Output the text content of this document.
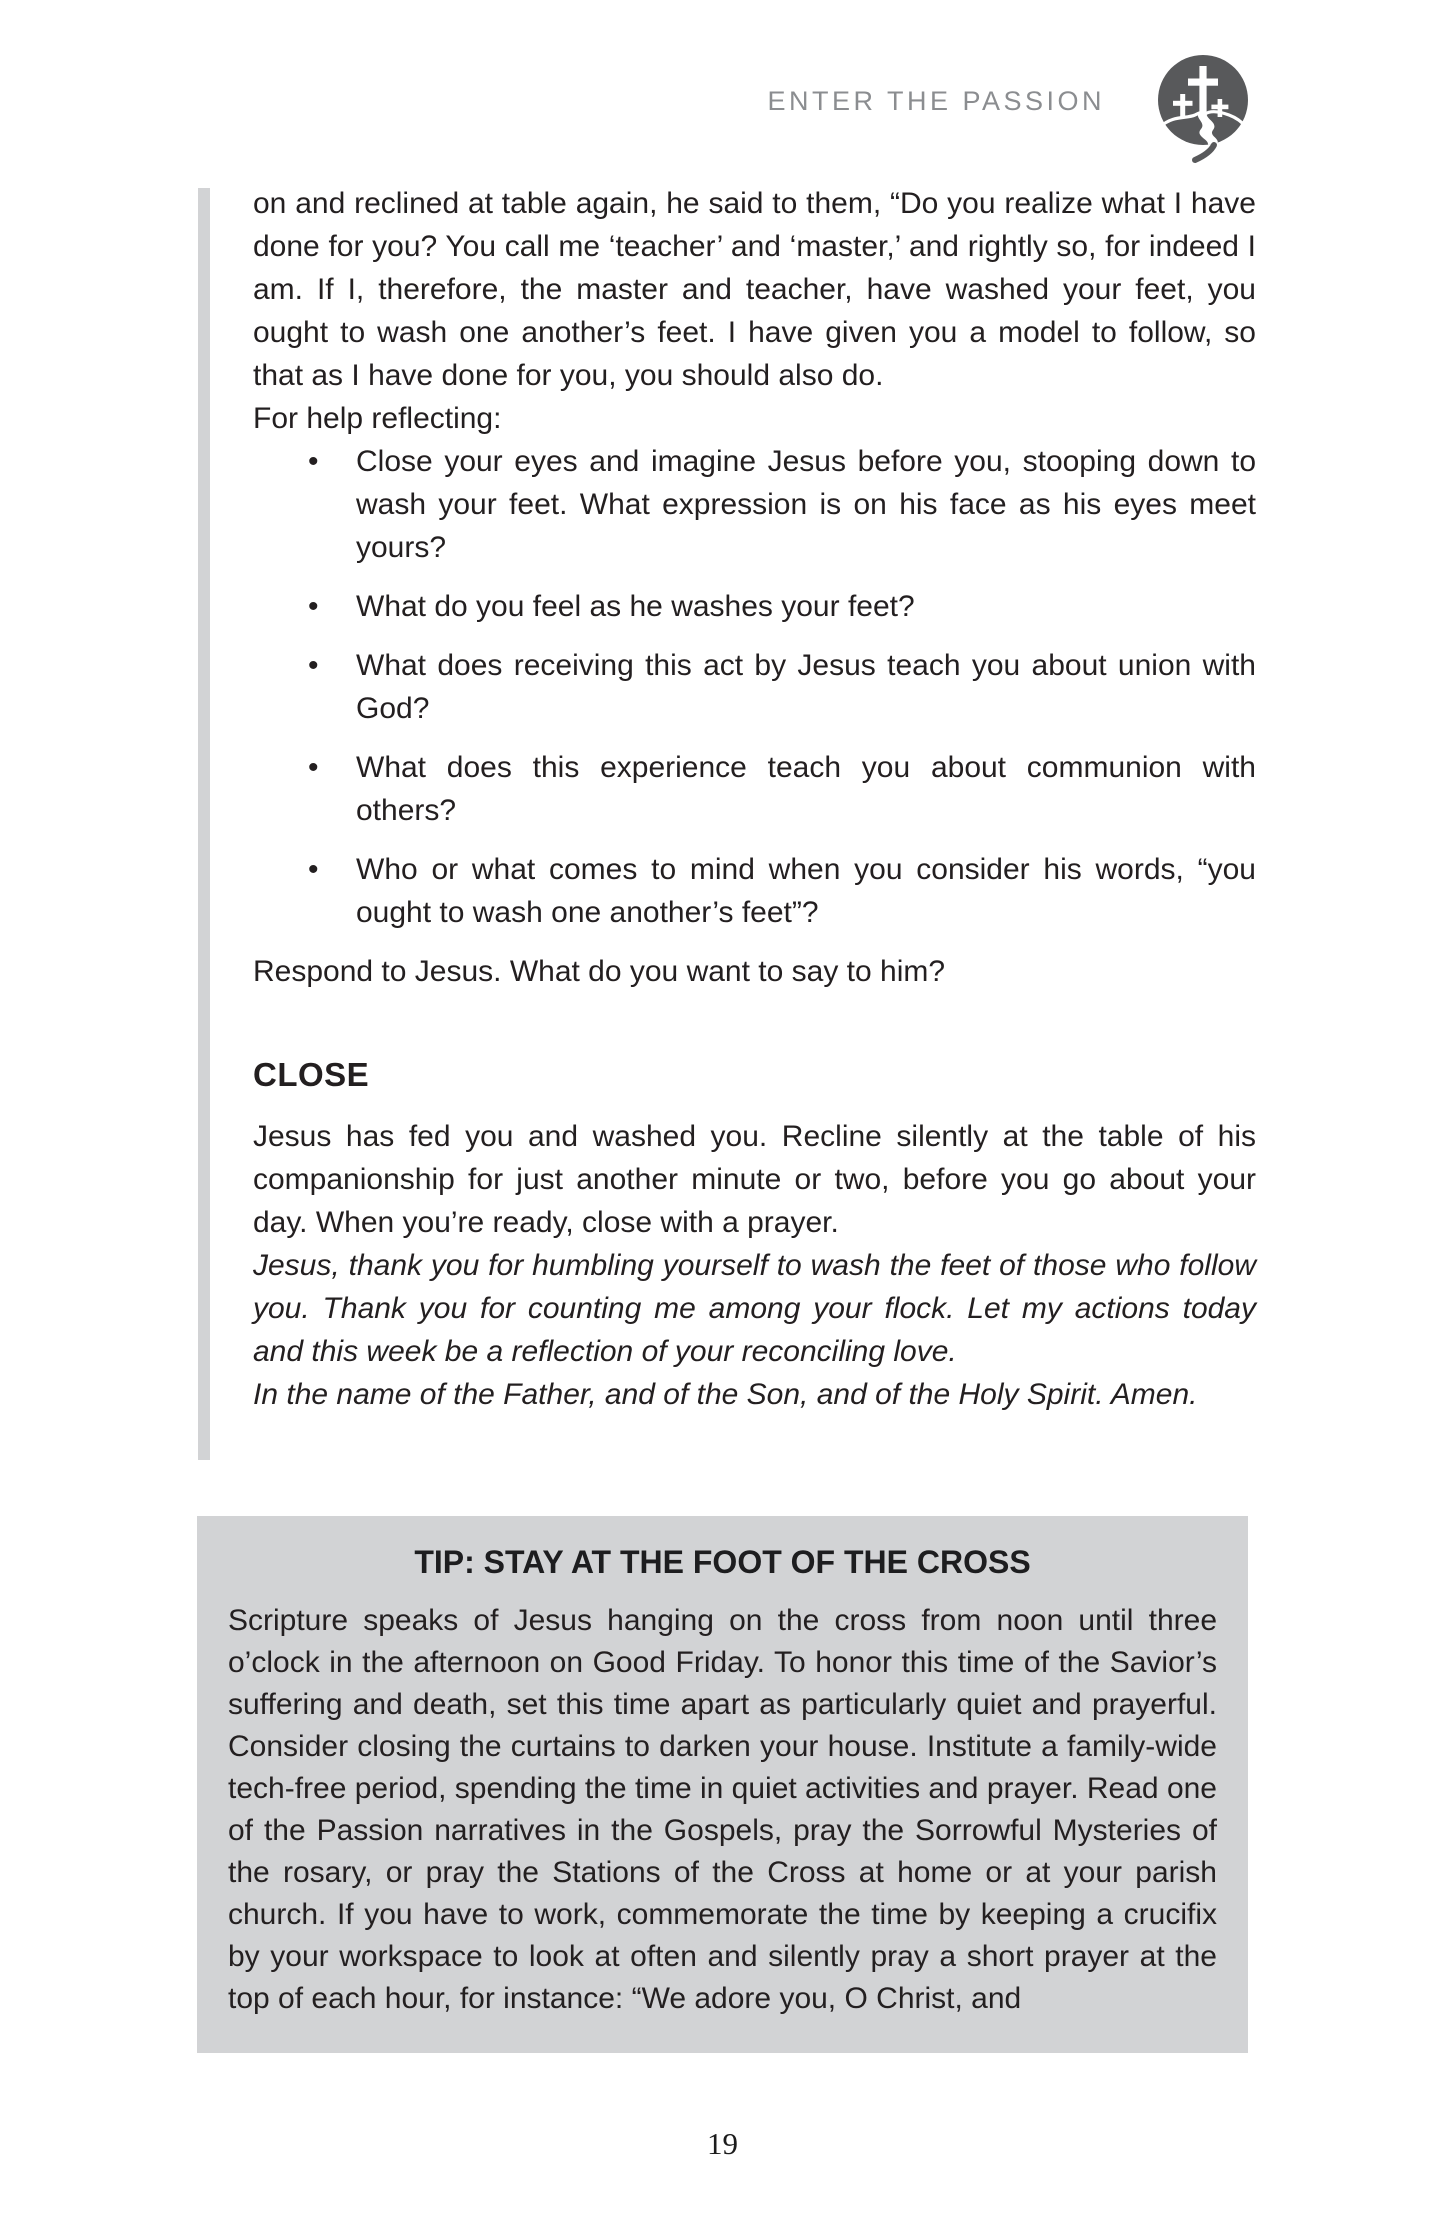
ENTER THE PASSION

on and reclined at table again, he said to them, “Do you realize what I have done for you? You call me ‘teacher’ and ‘master,’ and rightly so, for indeed I am. If I, therefore, the master and teacher, have washed your feet, you ought to wash one another’s feet. I have given you a model to follow, so that as I have done for you, you should also do.

For help reflecting:

• Close your eyes and imagine Jesus before you, stooping down to wash your feet. What expression is on his face as his eyes meet yours?
• What do you feel as he washes your feet?
• What does receiving this act by Jesus teach you about union with God?
• What does this experience teach you about communion with others?
• Who or what comes to mind when you consider his words, “you ought to wash one another’s feet”?

Respond to Jesus. What do you want to say to him?

CLOSE

Jesus has fed you and washed you. Recline silently at the table of his companionship for just another minute or two, before you go about your day. When you’re ready, close with a prayer.

Jesus, thank you for humbling yourself to wash the feet of those who follow you. Thank you for counting me among your flock. Let my actions today and this week be a reflection of your reconciling love.

In the name of the Father, and of the Son, and of the Holy Spirit. Amen.

TIP: STAY AT THE FOOT OF THE CROSS

Scripture speaks of Jesus hanging on the cross from noon until three o’clock in the afternoon on Good Friday. To honor this time of the Savior’s suffering and death, set this time apart as particularly quiet and prayerful. Consider closing the curtains to darken your house. Institute a family-wide tech-free period, spending the time in quiet activities and prayer. Read one of the Passion narratives in the Gospels, pray the Sorrowful Mysteries of the rosary, or pray the Stations of the Cross at home or at your parish church. If you have to work, commemorate the time by keeping a crucifix by your workspace to look at often and silently pray a short prayer at the top of each hour, for instance: “We adore you, O Christ, and

19
